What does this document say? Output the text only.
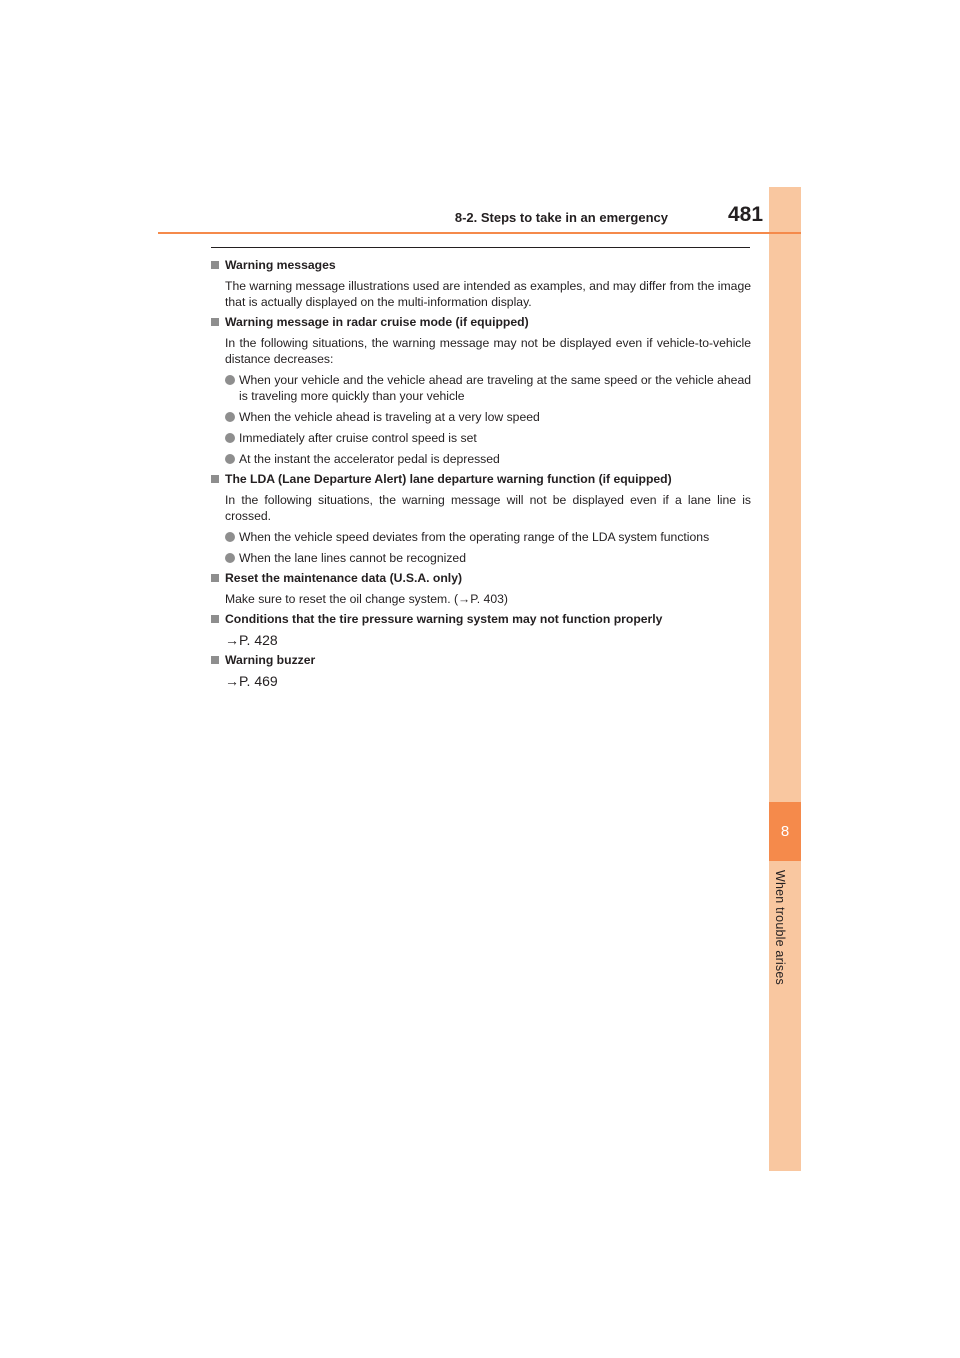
8
When trouble arises
8-2. Steps to take in an emergency	481
Warning messages
The warning message illustrations used are intended as examples, and may differ from the image that is actually displayed on the multi-information display.
Warning message in radar cruise mode (if equipped)
In the following situations, the warning message may not be displayed even if vehicle-to-vehicle distance decreases:
When your vehicle and the vehicle ahead are traveling at the same speed or the vehicle ahead is traveling more quickly than your vehicle
When the vehicle ahead is traveling at a very low speed
Immediately after cruise control speed is set
At the instant the accelerator pedal is depressed
The LDA (Lane Departure Alert) lane departure warning function (if equipped)
In the following situations, the warning message will not be displayed even if a lane line is crossed.
When the vehicle speed deviates from the operating range of the LDA system functions
When the lane lines cannot be recognized
Reset the maintenance data (U.S.A. only)
Make sure to reset the oil change system. (→P. 403)
Conditions that the tire pressure warning system may not function properly
→P. 428
Warning buzzer
→P. 469
